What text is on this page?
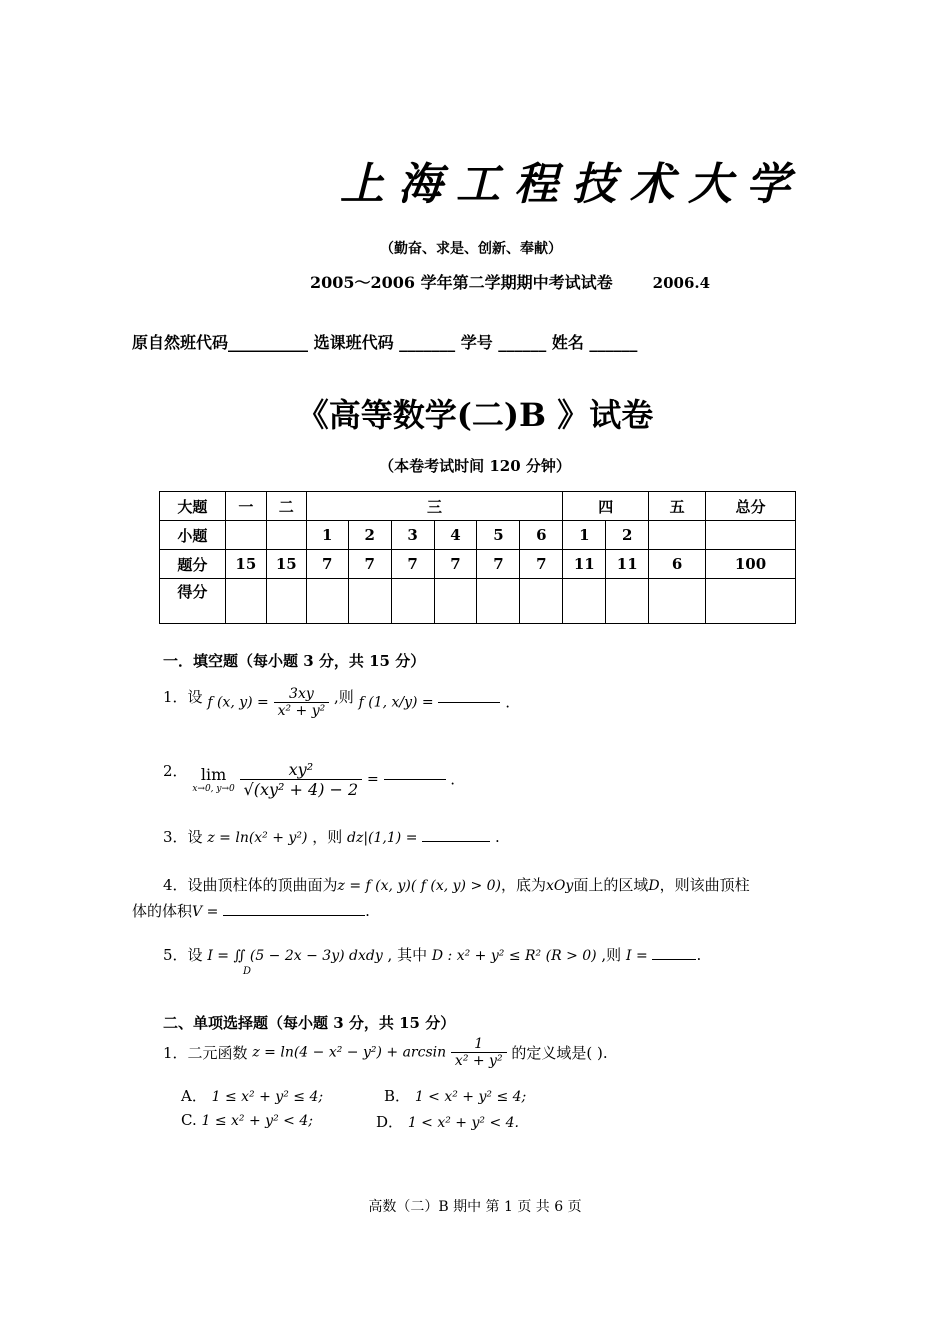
上海工程技术大学
（勤奋、求是、创新、奉献）
2005～2006 学年第二学期期中考试试卷	2006.4
原自然班代码__________ 选课班代码 _______ 学号 ______ 姓名 ______
《高等数学(二)B 》试卷
（本卷考试时间 120 分钟）
大题	一	二	三						四		五	总分
小题			1	2	3	4	5	6	1	2		
题分	15	15	7	7	7	7	7	7	11	11	6	100
得分												
一．填空题（每小题 3 分，共 15 分）
1．设 f (x, $y) = \frac{3xy}{\text{x² + y²}}$ ,则 f (1, x/y) =	.
2． lim
x→0, y→0
$\frac{\text{xy²}}{\text{√(xy² + 4) − 2}}$ =	.
3．设 z = ln(x² + y²) ，则 dz|(1,1) =	.
4．设曲顶柱体的顶曲面为z = f (x, y)( f (x, y) > 0)，底为xOy面上的区域D，则该曲顶柱
体的体积V =	.
5．设 I = ∬ (5 − 2x − 3y) dxdy , 其中 D : x² + y² ≤ R² (R > 0) ,则 I =	.
D
二、单项选择题（每小题 3 分，共 15 分）
1．二元函数 $z = \ln(4 - x^2 - y^2) + \arcsin \frac{1}{\text{x² + y²}}$ 的定义域是( ).
A． 1 ≤ x² + y² ≤ 4;	B． 1 < x² + y² ≤ 4;
C. 1 ≤ x² + y² < 4;	D． 1 < x² + y² < 4.
高数（二）B 期中 第 1 页 共 6 页
